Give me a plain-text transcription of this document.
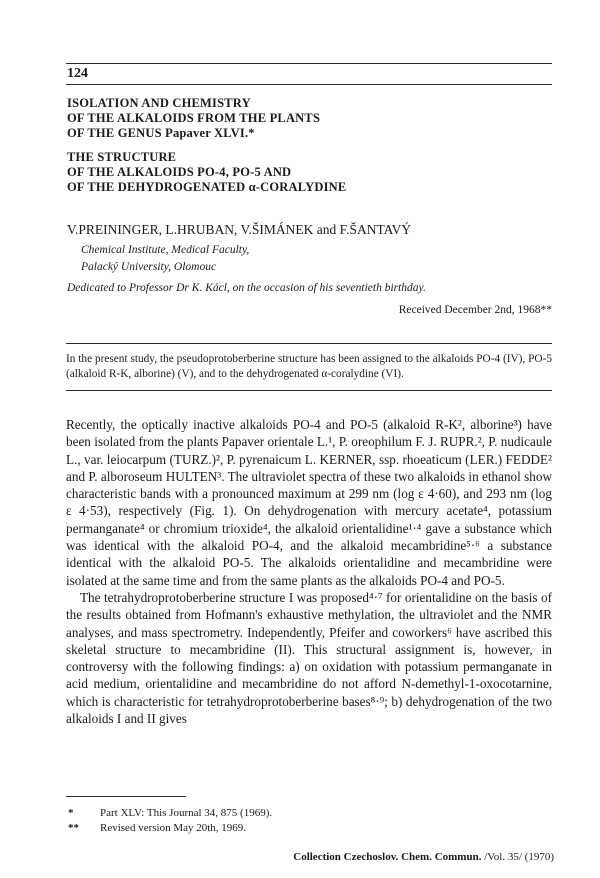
124
ISOLATION AND CHEMISTRY
OF THE ALKALOIDS FROM THE PLANTS
OF THE GENUS Papaver XLVI.*
THE STRUCTURE
OF THE ALKALOIDS PO-4, PO-5 AND
OF THE DEHYDROGENATED α-CORALYDINE
V.PREININGER, L.HRUBAN, V.ŠIMÁNEK and F.ŠANTAVÝ
Chemical Institute, Medical Faculty,
Palacký University, Olomouc
Dedicated to Professor Dr K. Kácl, on the occasion of his seventieth birthday.
Received December 2nd, 1968**
In the present study, the pseudoprotoberberine structure has been assigned to the alkaloids PO-4 (IV), PO-5 (alkaloid R-K, alborine) (V), and to the dehydrogenated α-coralydine (VI).

Recently, the optically inactive alkaloids PO-4 and PO-5 (alkaloid R-K², alborine³) have been isolated from the plants Papaver orientale L.¹, P. oreophilum F. J. RUPR.², P. nudicaule L., var. leiocarpum (TURZ.)², P. pyrenaicum L. KERNER, ssp. rhoeaticum (LER.) FEDDE² and P. alboroseum HULTEN³. The ultraviolet spectra of these two alkaloids in ethanol show characteristic bands with a pronounced maximum at 299 nm (log ε 4·60), and 293 nm (log ε 4·53), respectively (Fig. 1). On dehydrogenation with mercury acetate⁴, potassium permanganate⁴ or chromium trioxide⁴, the alkaloid orientalidine¹·⁴ gave a substance which was identical with the alkaloid PO-4, and the alkaloid mecambridine⁵·⁶ a substance identical with the alkaloid PO-5. The alkaloids orientalidine and mecambridine were isolated at the same time and from the same plants as the alkaloids PO-4 and PO-5.

The tetrahydroprotoberberine structure I was proposed⁴·⁷ for orientalidine on the basis of the results obtained from Hofmann's exhaustive methylation, the ultraviolet and the NMR analyses, and mass spectrometry. Independently, Pfeifer and coworkers⁶ have ascribed this skeletal structure to mecambridine (II). This structural assignment is, however, in controversy with the following findings: a) on oxidation with potassium permanganate in acid medium, orientalidine and mecambridine do not afford N-demethyl-1-oxocotarnine, which is characteristic for tetrahydroprotoberberine bases⁸·⁹; b) dehydrogenation of the two alkaloids I and II gives

* Part XLV: This Journal 34, 875 (1969).
** Revised version May 20th, 1969.
Collection Czechoslov. Chem. Commun. /Vol. 35/ (1970)
